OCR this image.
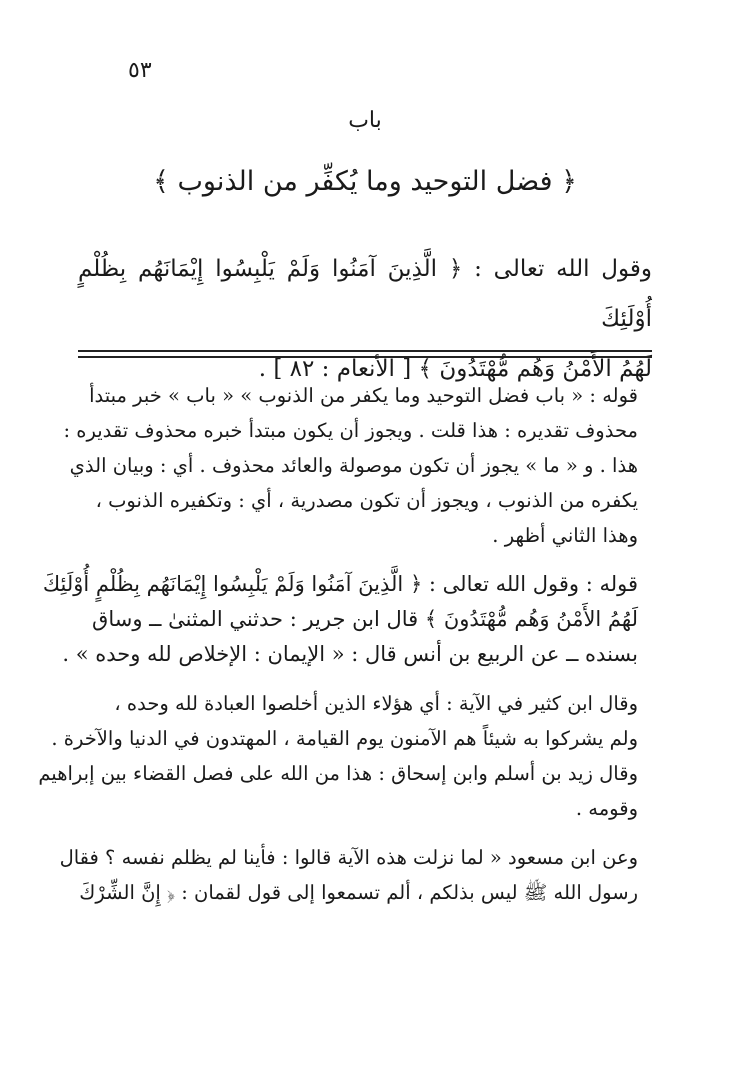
٥٣
باب
﴿ فضل التوحيد وما يُكفِّر من الذنوب ﴾

وقول الله تعالى : ﴿ الَّذِينَ آمَنُوا وَلَمْ يَلْبِسُوا إِيْمَانَهُم بِظُلْمٍ أُوْلَئِكَ

لَهُمُ الأَمْنُ وَهُم مُّهْتَدُونَ ﴾ [ الأنعام : ٨٢ ] .

قوله : « باب فضل التوحيد وما يكفر من الذنوب » « باب » خبر مبتدأ
محذوف تقديره : هذا قلت . ويجوز أن يكون مبتدأ خبره محذوف تقديره :
هذا . و « ما » يجوز أن تكون موصولة والعائد محذوف . أي : وبيان الذي
يكفره من الذنوب ، ويجوز أن تكون مصدرية ، أي : وتكفيره الذنوب ،
وهذا الثاني أظهر .
قوله : وقول الله تعالى : ﴿ الَّذِينَ آمَنُوا وَلَمْ يَلْبِسُوا إِيْمَانَهُم بِظُلْمٍ أُوْلَئِكَ
لَهُمُ الأَمْنُ وَهُم مُّهْتَدُونَ ﴾ قال ابن جرير : حدثني المثنىٰ ــ وساق
بسنده ــ عن الربيع بن أنس قال : « الإيمان : الإخلاص لله وحده » .
وقال ابن كثير في الآية : أي هؤلاء الذين أخلصوا العبادة لله وحده ،
ولم يشركوا به شيئاً هم الآمنون يوم القيامة ، المهتدون في الدنيا والآخرة .
وقال زيد بن أسلم وابن إسحاق : هذا من الله على فصل القضاء بين إبراهيم
وقومه .
وعن ابن مسعود « لما نزلت هذه الآية قالوا : فأينا لم يظلم نفسه ؟ فقال
رسول الله ﷺ ليس بذلكم ، ألم تسمعوا إلى قول لقمان : ﴿ إِنَّ الشِّرْكَ
